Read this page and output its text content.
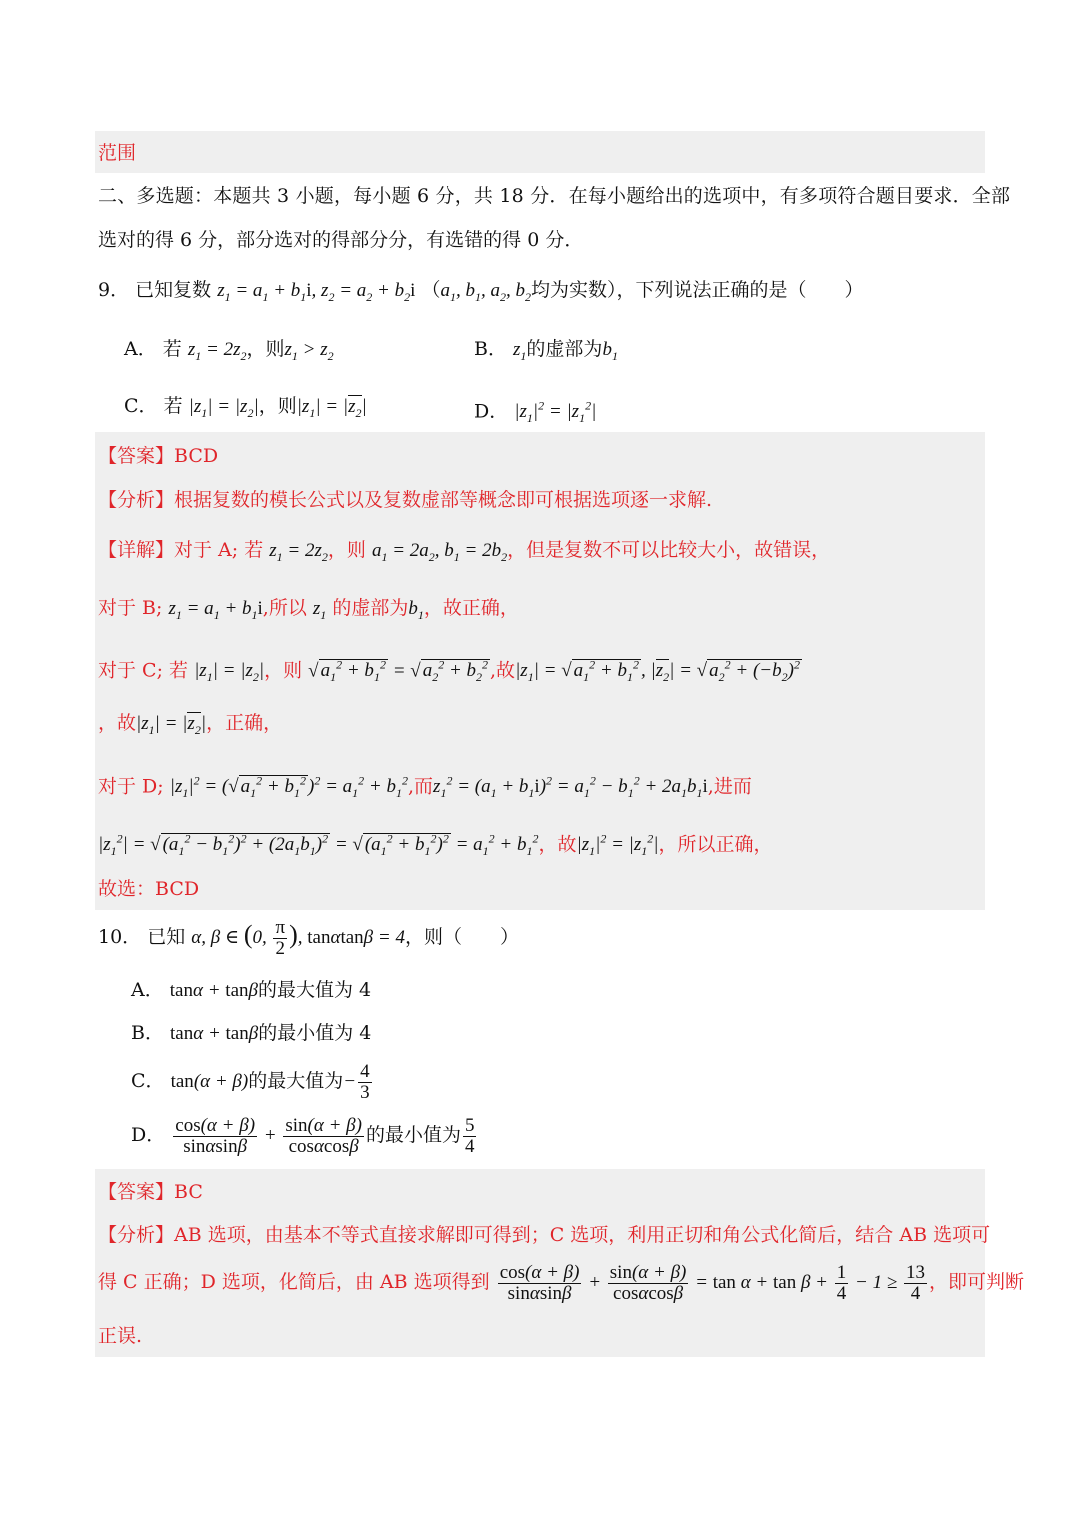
范围
二、多选题：本题共 3 小题，每小题 6 分，共 18 分．在每小题给出的选项中，有多项符合题目要求．全部
选对的得 6 分，部分选对的得部分分，有选错的得 0 分．
9． 已知复数 $z_1 = a_1 + b_1i$, $z_2 = a_2 + b_2i$ （$a_1$, $b_1$, $a_2$, $b_2$均为实数），下列说法正确的是（　　）
A． 若 $z_1 = 2z_2$，则$z_1 > z_2$	B． $z_1$的虚部为$b_1$
C． 若 $|z_1| = |z_2|$，则$|z_1| = |z_2|$	D． $|z_1|^2 = |z_1^2|$
【答案】BCD
【分析】根据复数的模长公式以及复数虚部等概念即可根据选项逐一求解.
【详解】对于 A; 若 $z_1 = 2z_2$，则 $a_1 = 2a_2$, $b_1 = 2b_2$，但是复数不可以比较大小，故错误，
对于 B; $z_1 = a_1 + b_1i$,所以 $z_1$ 的虚部为$b_1$，故正确，
对于 C; 若 $|z_1| = |z_2|$，则 √ $a_1^2 + b_1^2$ = √ $a_2^2 + b_2^2$ ,故$|z_1|$ = √ $a_1^2 + b_1^2$ , $|z_2|$ = √ $a_2^2 + (-b_2)^2$
，故$|z_1| = |z_2|$，正确，
对于 D; $|z_1|^2$ = (√ $a_1^2 + b_1^2$ )$^2 = a_1^2 + b_1^2$,而$z_1^2 = (a_1 + b_1i)^2 = a_1^2 - b_1^2 + 2a_1b_1i$,进而
$|z_1^2|$ = √ $(a_1^2 - b_1^2)^2 + (2a_1b_1)^2$ = √ $(a_1^2 + b_1^2)^2 = a_1^2 + b_1^2$，故$|z_1|^2 = |z_1^2|$，所以正确，
故选：BCD
10． 已知 α, β ∈ (0, $\frac{\pi}{2}$ ), tanαtanβ = 4，则（　　）
A． tanα + tanβ的最大值为 4
B． tanα + tanβ的最小值为 4
C． tan(α + β)的最大值为− $\frac{4}{3}$
D． $\frac{\cos(\alpha + \beta)}{\sin\alpha\sin\beta} + \frac{\sin(\alpha + \beta)}{\cos\alpha\cos\beta}$ 的最小值为 $\frac{5}{4}$
【答案】BC
【分析】AB 选项，由基本不等式直接求解即可得到；C 选项，利用正切和角公式化简后，结合 AB 选项可
得 C 正确；D 选项，化简后，由 AB 选项得到 $\frac{\cos(\alpha + \beta)}{\sin\alpha\sin\beta} + \frac{\sin(\alpha + \beta)}{\cos\alpha\cos\beta} = \tan \alpha + \tan \beta + \frac{1}{4} - 1 \ge \frac{13}{4}$ ，即可判断
正误.
